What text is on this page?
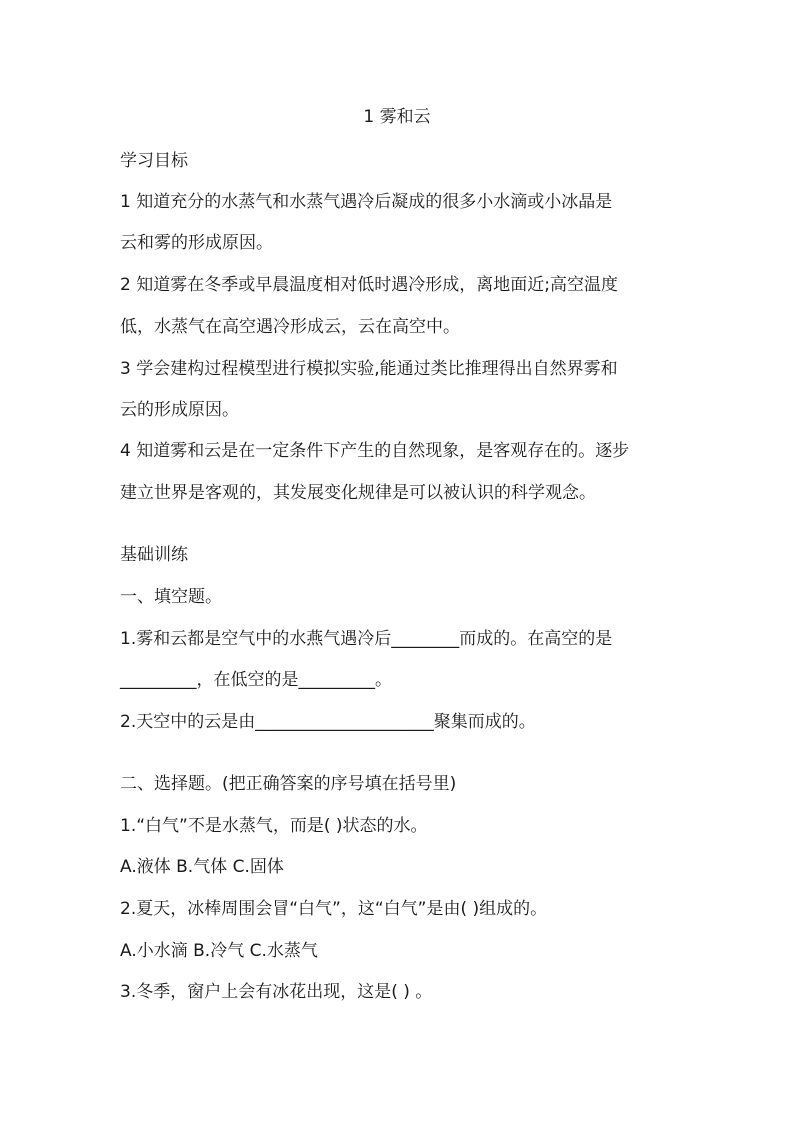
1 雾和云
学习目标
1 知道充分的水蒸气和水蒸气遇冷后凝成的很多小水滴或小冰晶是
云和雾的形成原因。
2 知道雾在冬季或早晨温度相对低时遇冷形成，离地面近;高空温度
低，水蒸气在高空遇冷形成云，云在高空中。
3 学会建构过程模型进行模拟实验,能通过类比推理得出自然界雾和
云的形成原因。
4 知道雾和云是在一定条件下产生的自然现象，是客观存在的。逐步
建立世界是客观的，其发展变化规律是可以被认识的科学观念。
基础训练
一、填空题。
1.雾和云都是空气中的水燕气遇冷后________而成的。在高空的是
_________，在低空的是_________。
2.天空中的云是由_____________________聚集而成的。
二、选择题。(把正确答案的序号填在括号里)
1.“白气”不是水蒸气，而是( )状态的水。
A.液体 B.气体 C.固体
2.夏天，冰棒周围会冒“白气”，这“白气”是由( )组成的。
A.小水滴 B.冷气 C.水蒸气
3.冬季，窗户上会有冰花出现，这是( ) 。
